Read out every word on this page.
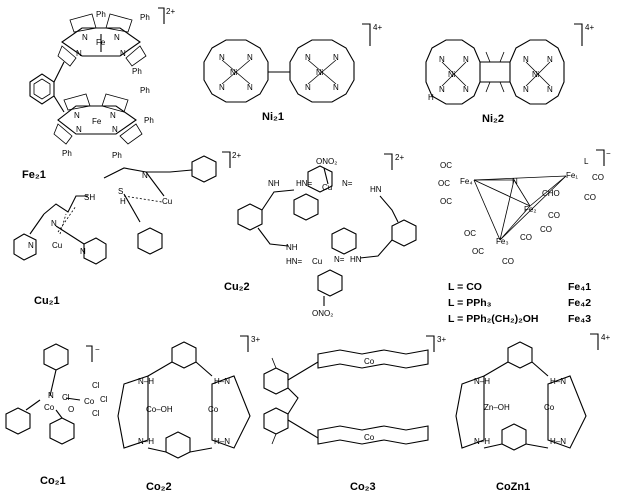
Fe
N	N
N	N
Ph	Ph
Ph
Fe
N	N
N	N
Ph
Ph
Ph	Ph
2+
Fe₂1
Ni
N	N
N	N
Ni
N	N
N	N
4+
Ni₂1
Ni
N N
N N
H
Ni
N N
N N
4+
Ni₂2
N
Cu
SH
N
N
S
H
N
Cu
2+
Cu₂1
ONO₂
Cu
HN=	N=
NH
HN
NH
HN
Cu
HN=	N=
ONO₂
2+
Cu₂2
N
Fe₄
Fe₁
Fe₂
Fe₃
OC
OC
OC
L
CO
CO
CHO
CO
CO
CO
OC
OC
CO
−
L = CO	Fe₄1
L = PPh₃	Fe₄2
L = PPh₂(CH₂)₂OH	Fe₄3
N
Co
Cl
O
Co
Cl
Cl
Cl
−
Co₂1
Co–OH	Co
N–H	H–N
N–H	H–N
3+
Co₂2
Co
Co
3+
Co₂3
Zn–OH	Co
N–H	H–N
N–H	H–N
4+
CoZn1
